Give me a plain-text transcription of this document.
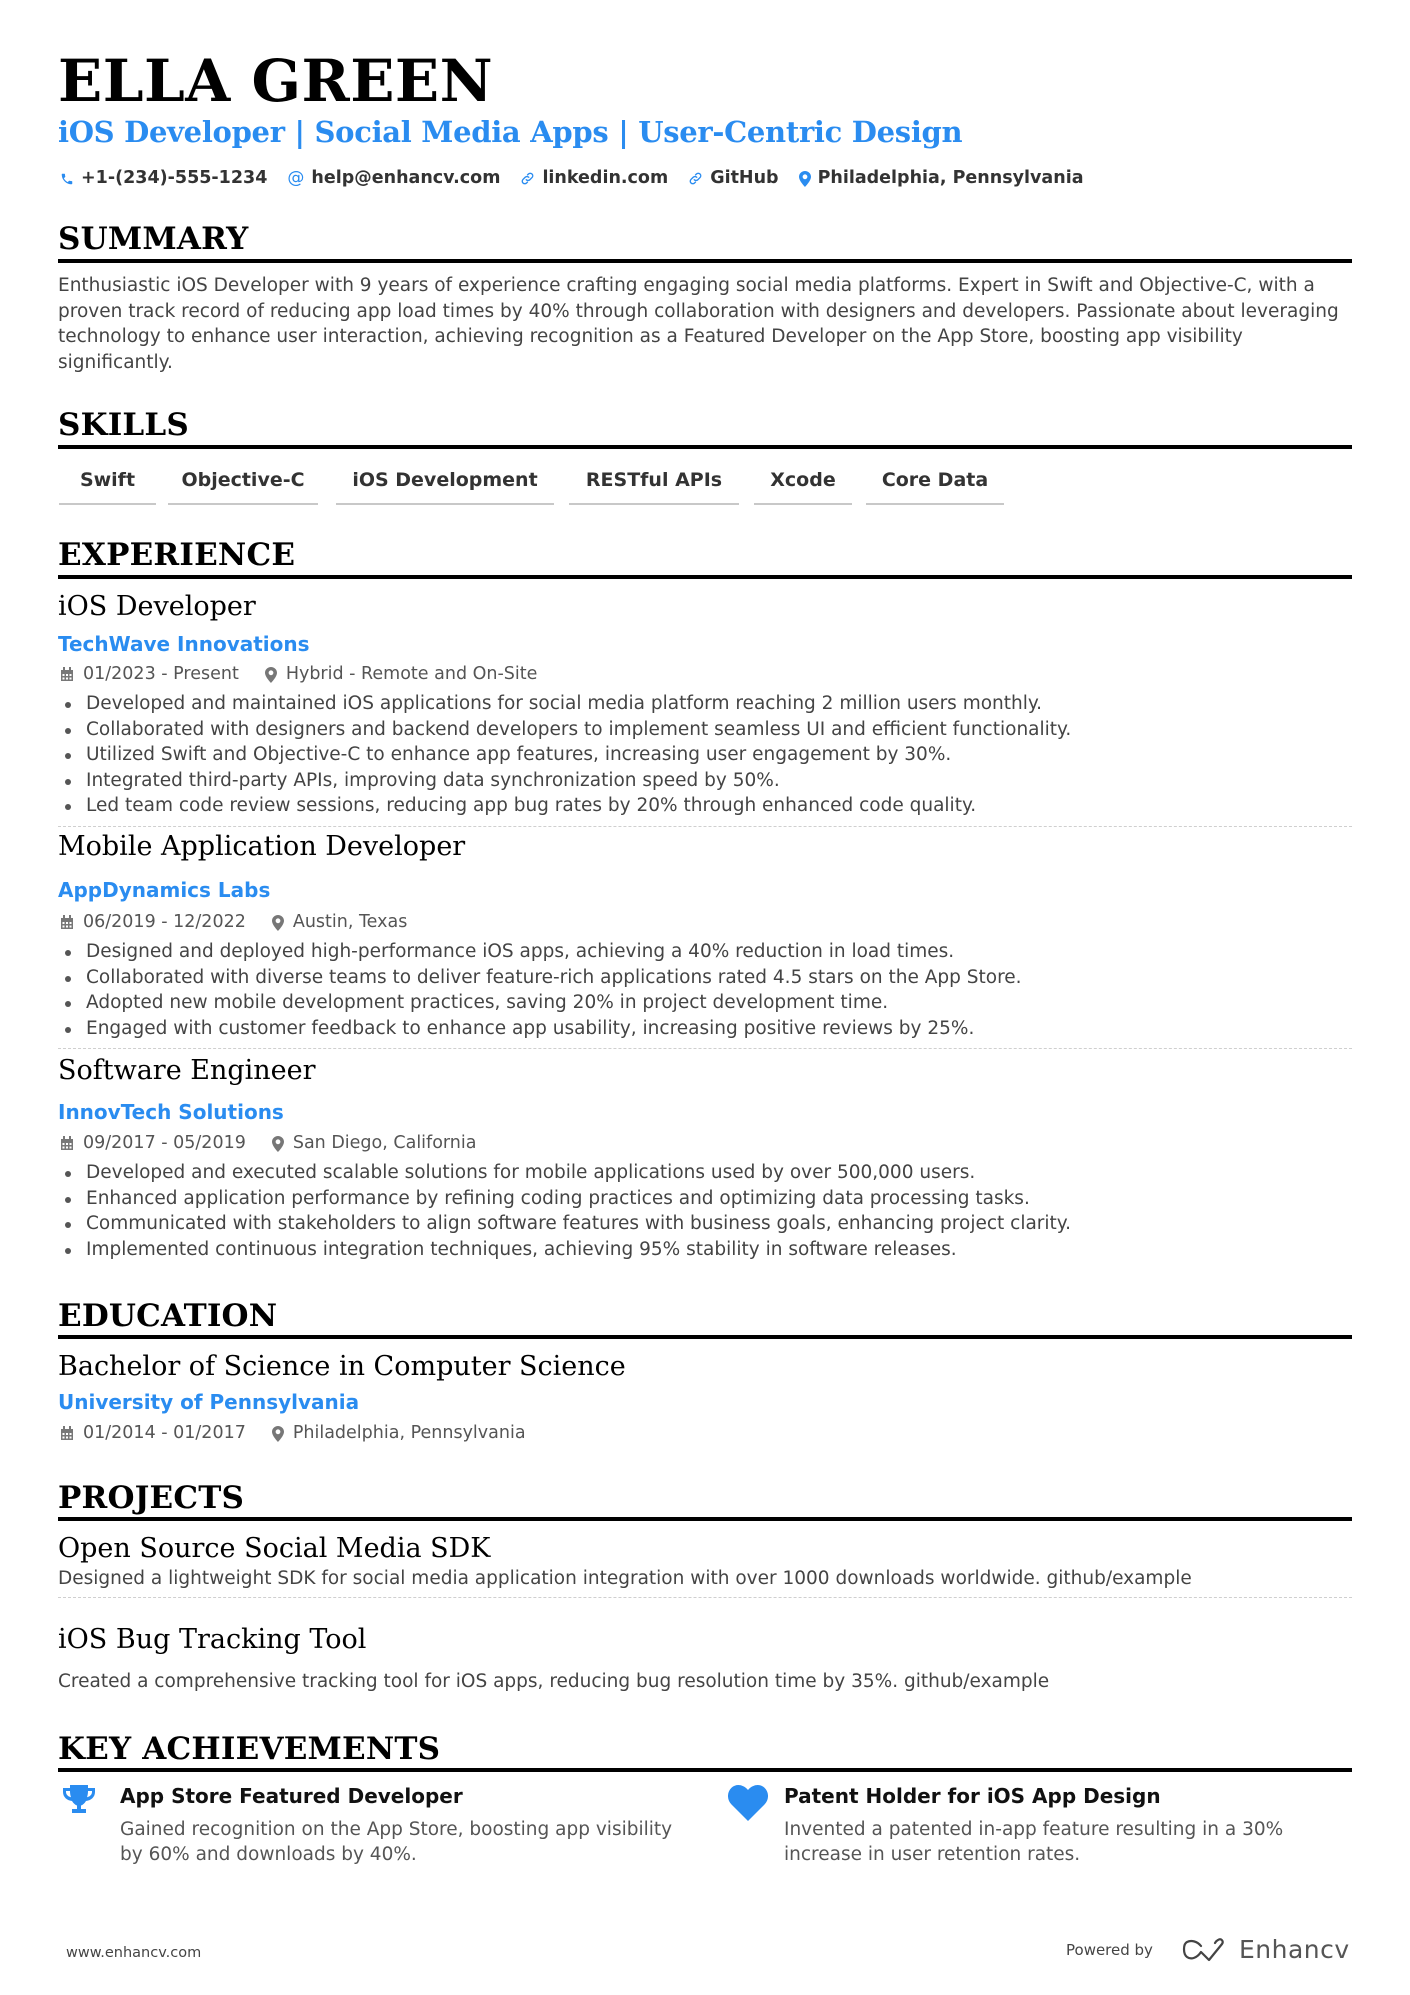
ELLA GREEN
iOS Developer | Social Media Apps | User-Centric Design
+1-(234)-555-1234 @ help@enhancv.com linkedin.com GitHub Philadelphia, Pennsylvania
SUMMARY
Enthusiastic iOS Developer with 9 years of experience crafting engaging social media platforms. Expert in Swift and Objective-C, with a proven track record of reducing app load times by 40% through collaboration with designers and developers. Passionate about leveraging technology to enhance user interaction, achieving recognition as a Featured Developer on the App Store, boosting app visibility significantly.
SKILLS
Swift	Objective-C	iOS Development	RESTful APIs	Xcode	Core Data
EXPERIENCE
iOS Developer
TechWave Innovations
01/2023 - Present	Hybrid - Remote and On-Site
Developed and maintained iOS applications for social media platform reaching 2 million users monthly.
Collaborated with designers and backend developers to implement seamless UI and efficient functionality.
Utilized Swift and Objective-C to enhance app features, increasing user engagement by 30%.
Integrated third-party APIs, improving data synchronization speed by 50%.
Led team code review sessions, reducing app bug rates by 20% through enhanced code quality.
Mobile Application Developer
AppDynamics Labs
06/2019 - 12/2022	Austin, Texas
Designed and deployed high-performance iOS apps, achieving a 40% reduction in load times.
Collaborated with diverse teams to deliver feature-rich applications rated 4.5 stars on the App Store.
Adopted new mobile development practices, saving 20% in project development time.
Engaged with customer feedback to enhance app usability, increasing positive reviews by 25%.
Software Engineer
InnovTech Solutions
09/2017 - 05/2019	San Diego, California
Developed and executed scalable solutions for mobile applications used by over 500,000 users.
Enhanced application performance by refining coding practices and optimizing data processing tasks.
Communicated with stakeholders to align software features with business goals, enhancing project clarity.
Implemented continuous integration techniques, achieving 95% stability in software releases.
EDUCATION
Bachelor of Science in Computer Science
University of Pennsylvania
01/2014 - 01/2017	Philadelphia, Pennsylvania
PROJECTS
Open Source Social Media SDK
Designed a lightweight SDK for social media application integration with over 1000 downloads worldwide. github/example
iOS Bug Tracking Tool
Created a comprehensive tracking tool for iOS apps, reducing bug resolution time by 35%. github/example
KEY ACHIEVEMENTS
App Store Featured Developer
Gained recognition on the App Store, boosting app visibility by 60% and downloads by 40%.
Patent Holder for iOS App Design
Invented a patented in-app feature resulting in a 30% increase in user retention rates.
www.enhancv.com	Powered by	Enhancv
